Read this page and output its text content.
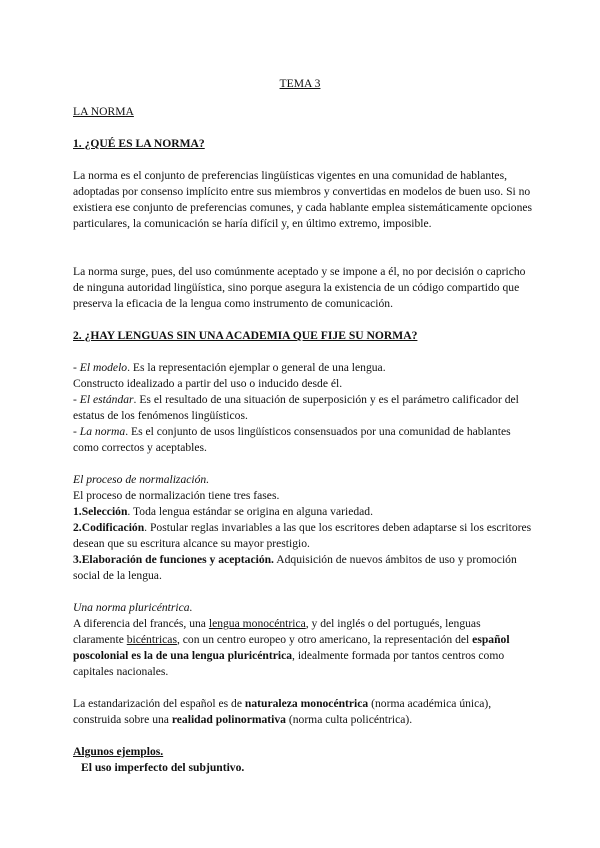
TEMA 3

LA NORMA

1. ¿QUÉ ES LA NORMA?

La norma es el conjunto de preferencias lingüísticas vigentes en una comunidad de hablantes, adoptadas por consenso implícito entre sus miembros y convertidas en modelos de buen uso. Si no existiera ese conjunto de preferencias comunes, y cada hablante emplea sistemáticamente opciones particulares, la comunicación se haría difícil y, en último extremo, imposible.

La norma surge, pues, del uso comúnmente aceptado y se impone a él, no por decisión o capricho de ninguna autoridad lingüística, sino porque asegura la existencia de un código compartido que preserva la eficacia de la lengua como instrumento de comunicación.

2. ¿HAY LENGUAS SIN UNA ACADEMIA QUE FIJE SU NORMA?

- El modelo. Es la representación ejemplar o general de una lengua.

Constructo idealizado a partir del uso o inducido desde él.

- El estándar. Es el resultado de una situación de superposición y es el parámetro calificador del estatus de los fenómenos lingüísticos.

- La norma. Es el conjunto de usos lingüísticos consensuados por una comunidad de hablantes como correctos y aceptables.

El proceso de normalización.

El proceso de normalización tiene tres fases.

1.Selección. Toda lengua estándar se origina en alguna variedad.

2.Codificación. Postular reglas invariables a las que los escritores deben adaptarse si los escritores desean que su escritura alcance su mayor prestigio.

3.Elaboración de funciones y aceptación. Adquisición de nuevos ámbitos de uso y promoción social de la lengua.

Una norma pluricéntrica.

A diferencia del francés, una lengua monocéntrica, y del inglés o del portugués, lenguas claramente bicéntricas, con un centro europeo y otro americano, la representación del español poscolonial es la de una lengua pluricéntrica, idealmente formada por tantos centros como capitales nacionales.

La estandarización del español es de naturaleza monocéntrica (norma académica única), construida sobre una realidad polinormativa (norma culta policéntrica).

Algunos ejemplos.

El uso imperfecto del subjuntivo.
